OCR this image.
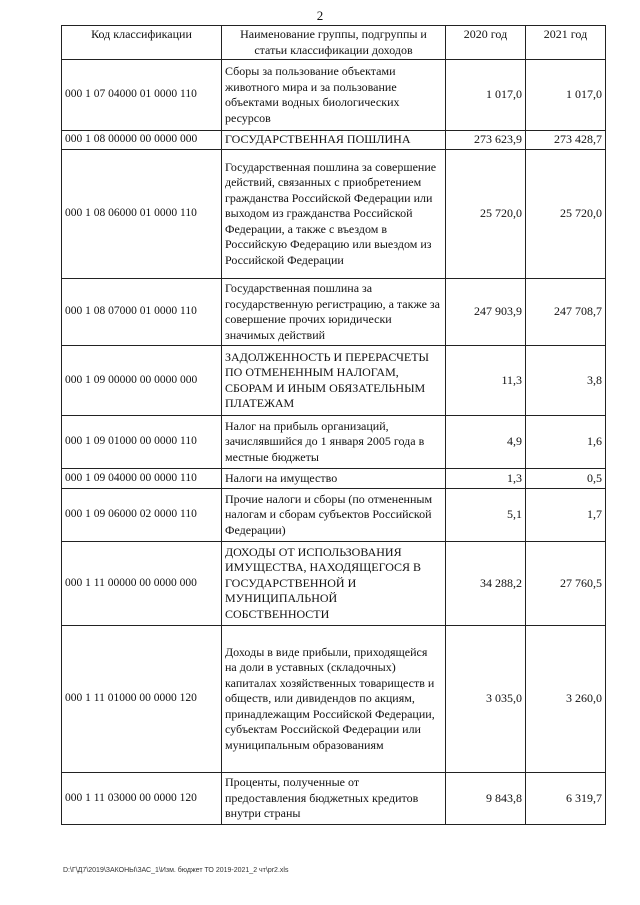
2
Код классификации	Наименование группы, подгруппы и статьи классификации доходов	2020 год	2021 год
000 1 07 04000 01 0000 110	Сборы за пользование объектами животного мира и за пользование объектами водных биологических ресурсов	1 017,0	1 017,0
000 1 08 00000 00 0000 000	ГОСУДАРСТВЕННАЯ ПОШЛИНА	273 623,9	273 428,7
000 1 08 06000 01 0000 110	Государственная пошлина за совершение действий, связанных с приобретением гражданства Российской Федерации или выходом из гражданства Российской Федерации, а также с въездом в Российскую Федерацию или выездом из Российской Федерации	25 720,0	25 720,0
000 1 08 07000 01 0000 110	Государственная пошлина за государственную регистрацию, а также за совершение прочих юридически значимых действий	247 903,9	247 708,7
000 1 09 00000 00 0000 000	ЗАДОЛЖЕННОСТЬ И ПЕРЕРАСЧЕТЫ ПО ОТМЕНЕННЫМ НАЛОГАМ, СБОРАМ И ИНЫМ ОБЯЗАТЕЛЬНЫМ ПЛАТЕЖАМ	11,3	3,8
000 1 09 01000 00 0000 110	Налог на прибыль организаций, зачислявшийся до 1 января 2005 года в местные бюджеты	4,9	1,6
000 1 09 04000 00 0000 110	Налоги на имущество	1,3	0,5
000 1 09 06000 02 0000 110	Прочие налоги и сборы (по отмененным налогам и сборам субъектов Российской Федерации)	5,1	1,7
000 1 11 00000 00 0000 000	ДОХОДЫ ОТ ИСПОЛЬЗОВАНИЯ ИМУЩЕСТВА, НАХОДЯЩЕГОСЯ В ГОСУДАРСТВЕННОЙ И МУНИЦИПАЛЬНОЙ СОБСТВЕННОСТИ	34 288,2	27 760,5
000 1 11 01000 00 0000 120	Доходы в виде прибыли, приходящейся на доли в уставных (складочных) капиталах хозяйственных товариществ и обществ, или дивидендов по акциям, принадлежащим Российской Федерации, субъектам Российской Федерации или муниципальным образованиям	3 035,0	3 260,0
000 1 11 03000 00 0000 120	Проценты, полученные от предоставления бюджетных кредитов внутри страны	9 843,8	6 319,7
D:\Г\Д7\2019\ЗАКОНЫ\ЗАС_1\Изм. бюджет ТО 2019-2021_2 чт\pr2.xls
